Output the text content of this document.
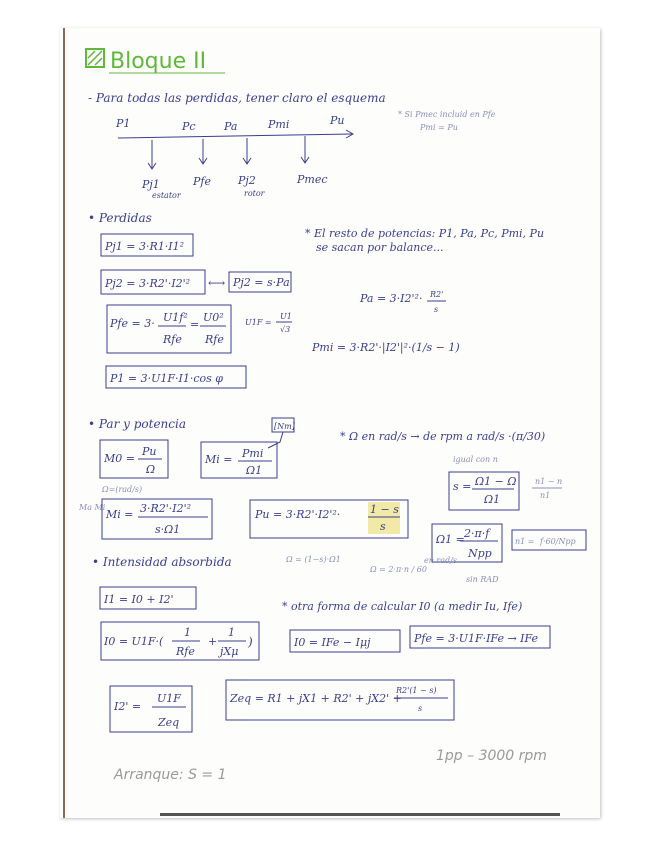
Bloque II
- Para todas las perdidas, tener claro el esquema
P1	Pc	Pa	Pmi	Pu
Pj1
estator
Pfe Pj2
rotor
Pmec
* Si Pmec incluid en Pfe
Pmi = Pu
• Perdidas
Pj1 = 3·R1·I1²
Pj2 = 3·R2'·I2'² ⟷ Pj2 = s·Pa
Pfe = 3· U1f²
Rfe
=
U0²
Rfe
U1F =
U1
√3
P1 = 3·U1F·I1·cos φ
* El resto de potencias: P1, Pa, Pc, Pmi, Pu
se sacan por balance...
Pa = 3·I2'²· R2'
s
Pmi = 3·R2'·|I2'|²·(1/s − 1)
• Par y potencia	[Nm]
M0 =
Pu
Ω
Mi = Pmi
Ω1
* Ω en rad/s → de rpm a rad/s ·(π/30)
Ω=(rad/s)
Ma Mi
Mi = 3·R2'·I2'²
s·Ω1
Pu = 3·R2'·I2'²·	1 − s
s
igual con n
s = Ω1 − Ω
Ω1
n1 − n
n1
Ω1 = 2·π·f
Npp
n1 = f·60/Npp
Ω = (1−s)·Ω1
Ω = 2·π·n / 60
sin RAD
en rad/s
• Intensidad absorbida
I1 = I0 + I2'
I0 = U1F·(
1
Rfe
+
1
jXμ
)
* otra forma de calcular I0 (a medir Iu, Ife)
I0 = IFe − Iμj	Pfe = 3·U1F·IFe → IFe
I2' =
U1F
Zeq
Zeq = R1 + jX1 + R2' + jX2' +
R2'(1 − s)
s
Arranque: S = 1
1pp – 3000 rpm
